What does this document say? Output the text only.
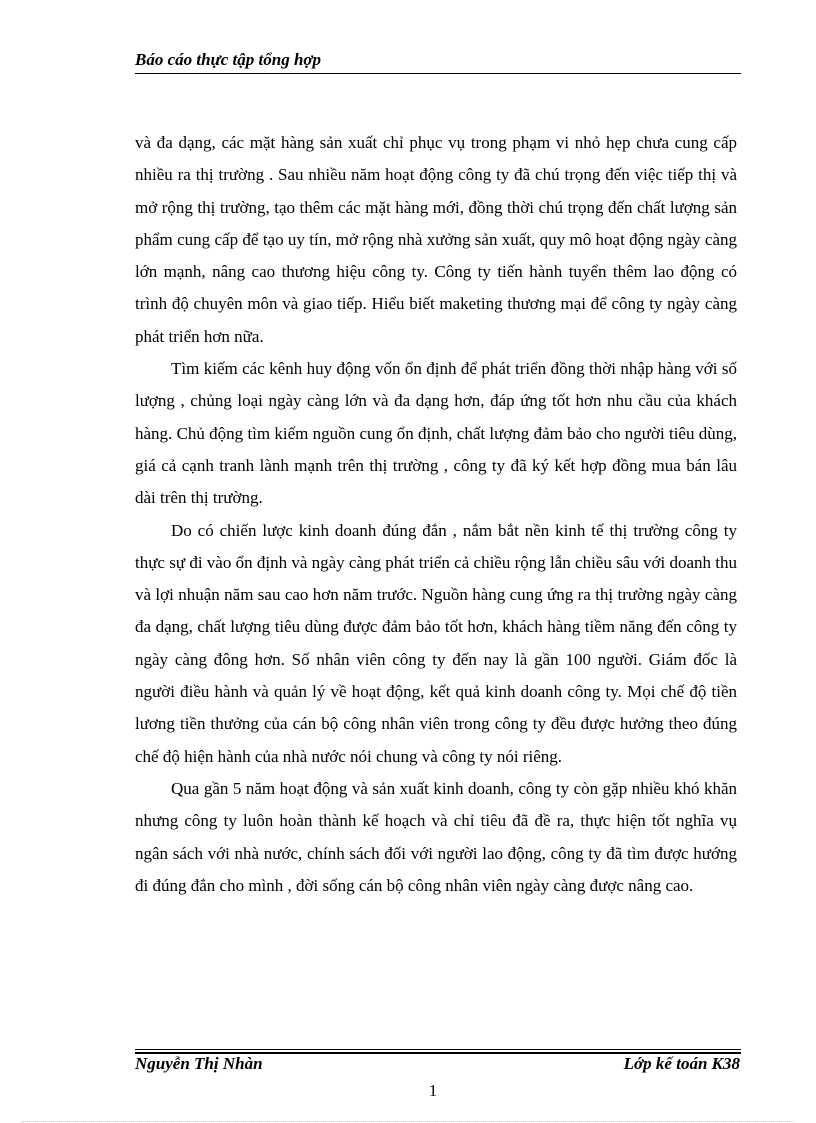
Báo cáo thực tập tổng hợp

và đa dạng, các mặt hàng sản xuất chỉ phục vụ trong phạm vi nhỏ hẹp chưa cung cấp nhiều ra thị trường . Sau nhiều năm hoạt động công ty đã chú trọng đến việc tiếp thị và mở rộng thị trường, tạo thêm các mặt hàng mới, đồng thời chú trọng đến chất lượng sản phẩm cung cấp để tạo uy tín, mở rộng nhà xưởng sản xuất, quy mô hoạt động ngày càng lớn mạnh, nâng cao thương hiệu công ty. Công ty tiến hành tuyển thêm lao động có trình độ chuyên môn và giao tiếp. Hiểu biết maketing thương mại để công ty ngày càng phát triển hơn nữa.

Tìm kiếm các kênh huy động vốn ổn định để phát triển đồng thời nhập hàng với số lượng , chủng loại ngày càng lớn và đa dạng hơn, đáp ứng tốt hơn nhu cầu của khách hàng. Chủ động tìm kiếm nguồn cung ổn định, chất lượng đảm bảo cho người tiêu dùng, giá cả cạnh tranh lành mạnh trên thị trường , công ty đã ký kết hợp đồng mua bán lâu dài trên thị trường.

Do có chiến lược kinh doanh đúng đắn , nắm bắt nền kinh tế thị trường công ty thực sự đi vào ổn định và ngày càng phát triển cả chiều rộng lẫn chiều sâu với doanh thu và lợi nhuận năm sau cao hơn năm trước. Nguồn hàng cung ứng ra thị trường ngày càng đa dạng, chất lượng tiêu dùng được đảm bảo tốt hơn, khách hàng tiềm năng đến công ty ngày càng đông hơn. Số nhân viên công ty đến nay là gần 100 người. Giám đốc là người điều hành và quản lý về hoạt động, kết quả kinh doanh công ty. Mọi chế độ tiền lương tiền thưởng của cán bộ công nhân viên trong công ty đều được hưởng theo đúng chế độ hiện hành của nhà nước nói chung và công ty nói riêng.

Qua gần 5 năm hoạt động và sản xuất kinh doanh, công ty còn gặp nhiều khó khăn nhưng công ty luôn hoàn thành kế hoạch và chỉ tiêu đã đề ra, thực hiện tốt nghĩa vụ ngân sách với nhà nước, chính sách đối với người lao động, công ty đã tìm được hướng đi đúng đắn cho mình , đời sống cán bộ công nhân viên ngày càng được nâng cao.

Nguyễn Thị Nhàn	Lớp kế toán K38
1
